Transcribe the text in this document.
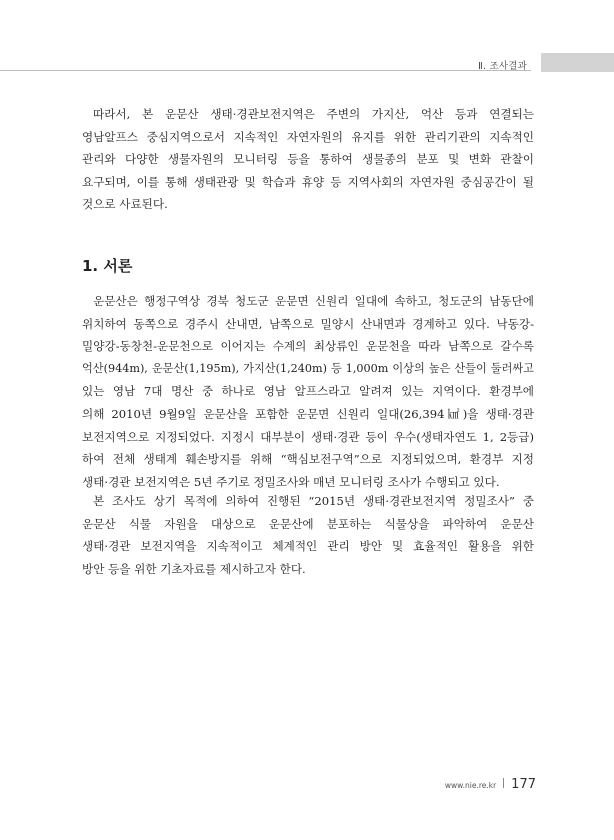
Ⅱ. 조사결과
따라서, 본 운문산 생태·경관보전지역은 주변의 가지산, 억산 등과 연결되는
영남알프스 중심지역으로서 지속적인 자연자원의 유지를 위한 관리기관의 지속적인
관리와 다양한 생물자원의 모니터링 등을 통하여 생물종의 분포 및 변화 관찰이
요구되며, 이를 통해 생태관광 및 학습과 휴양 등 지역사회의 자연자원 중심공간이 될
것으로 사료된다.
1. 서론
운문산은 행정구역상 경북 청도군 운문면 신원리 일대에 속하고, 청도군의 남동단에
위치하여 동쪽으로 경주시 산내면, 남쪽으로 밀양시 산내면과 경계하고 있다. 낙동강-
밀양강-동창천-운문천으로 이어지는 수계의 최상류인 운문천을 따라 남쪽으로 갈수록
억산(944m), 운문산(1,195m), 가지산(1,240m) 등 1,000m 이상의 높은 산들이 둘러싸고
있는 영남 7대 명산 중 하나로 영남 알프스라고 알려져 있는 지역이다. 환경부에
의해 2010년 9월9일 운문산을 포함한 운문면 신원리 일대(26,394㎢)을 생태·경관
보전지역으로 지정되었다. 지정시 대부분이 생태·경관 등이 우수(생태자연도 1, 2등급)
하여 전체 생태계 훼손방지를 위해 “핵심보전구역”으로 지정되었으며, 환경부 지정
생태·경관 보전지역은 5년 주기로 정밀조사와 매년 모니터링 조사가 수행되고 있다.
본 조사도 상기 목적에 의하여 진행된 “2015년 생태·경관보전지역 정밀조사” 중
운문산 식물 자원을 대상으로 운문산에 분포하는 식물상을 파악하여 운문산
생태·경관 보전지역을 지속적이고 체계적인 관리 방안 및 효율적인 활용을 위한
방안 등을 위한 기초자료를 제시하고자 한다.
www.nie.re.kr 177
